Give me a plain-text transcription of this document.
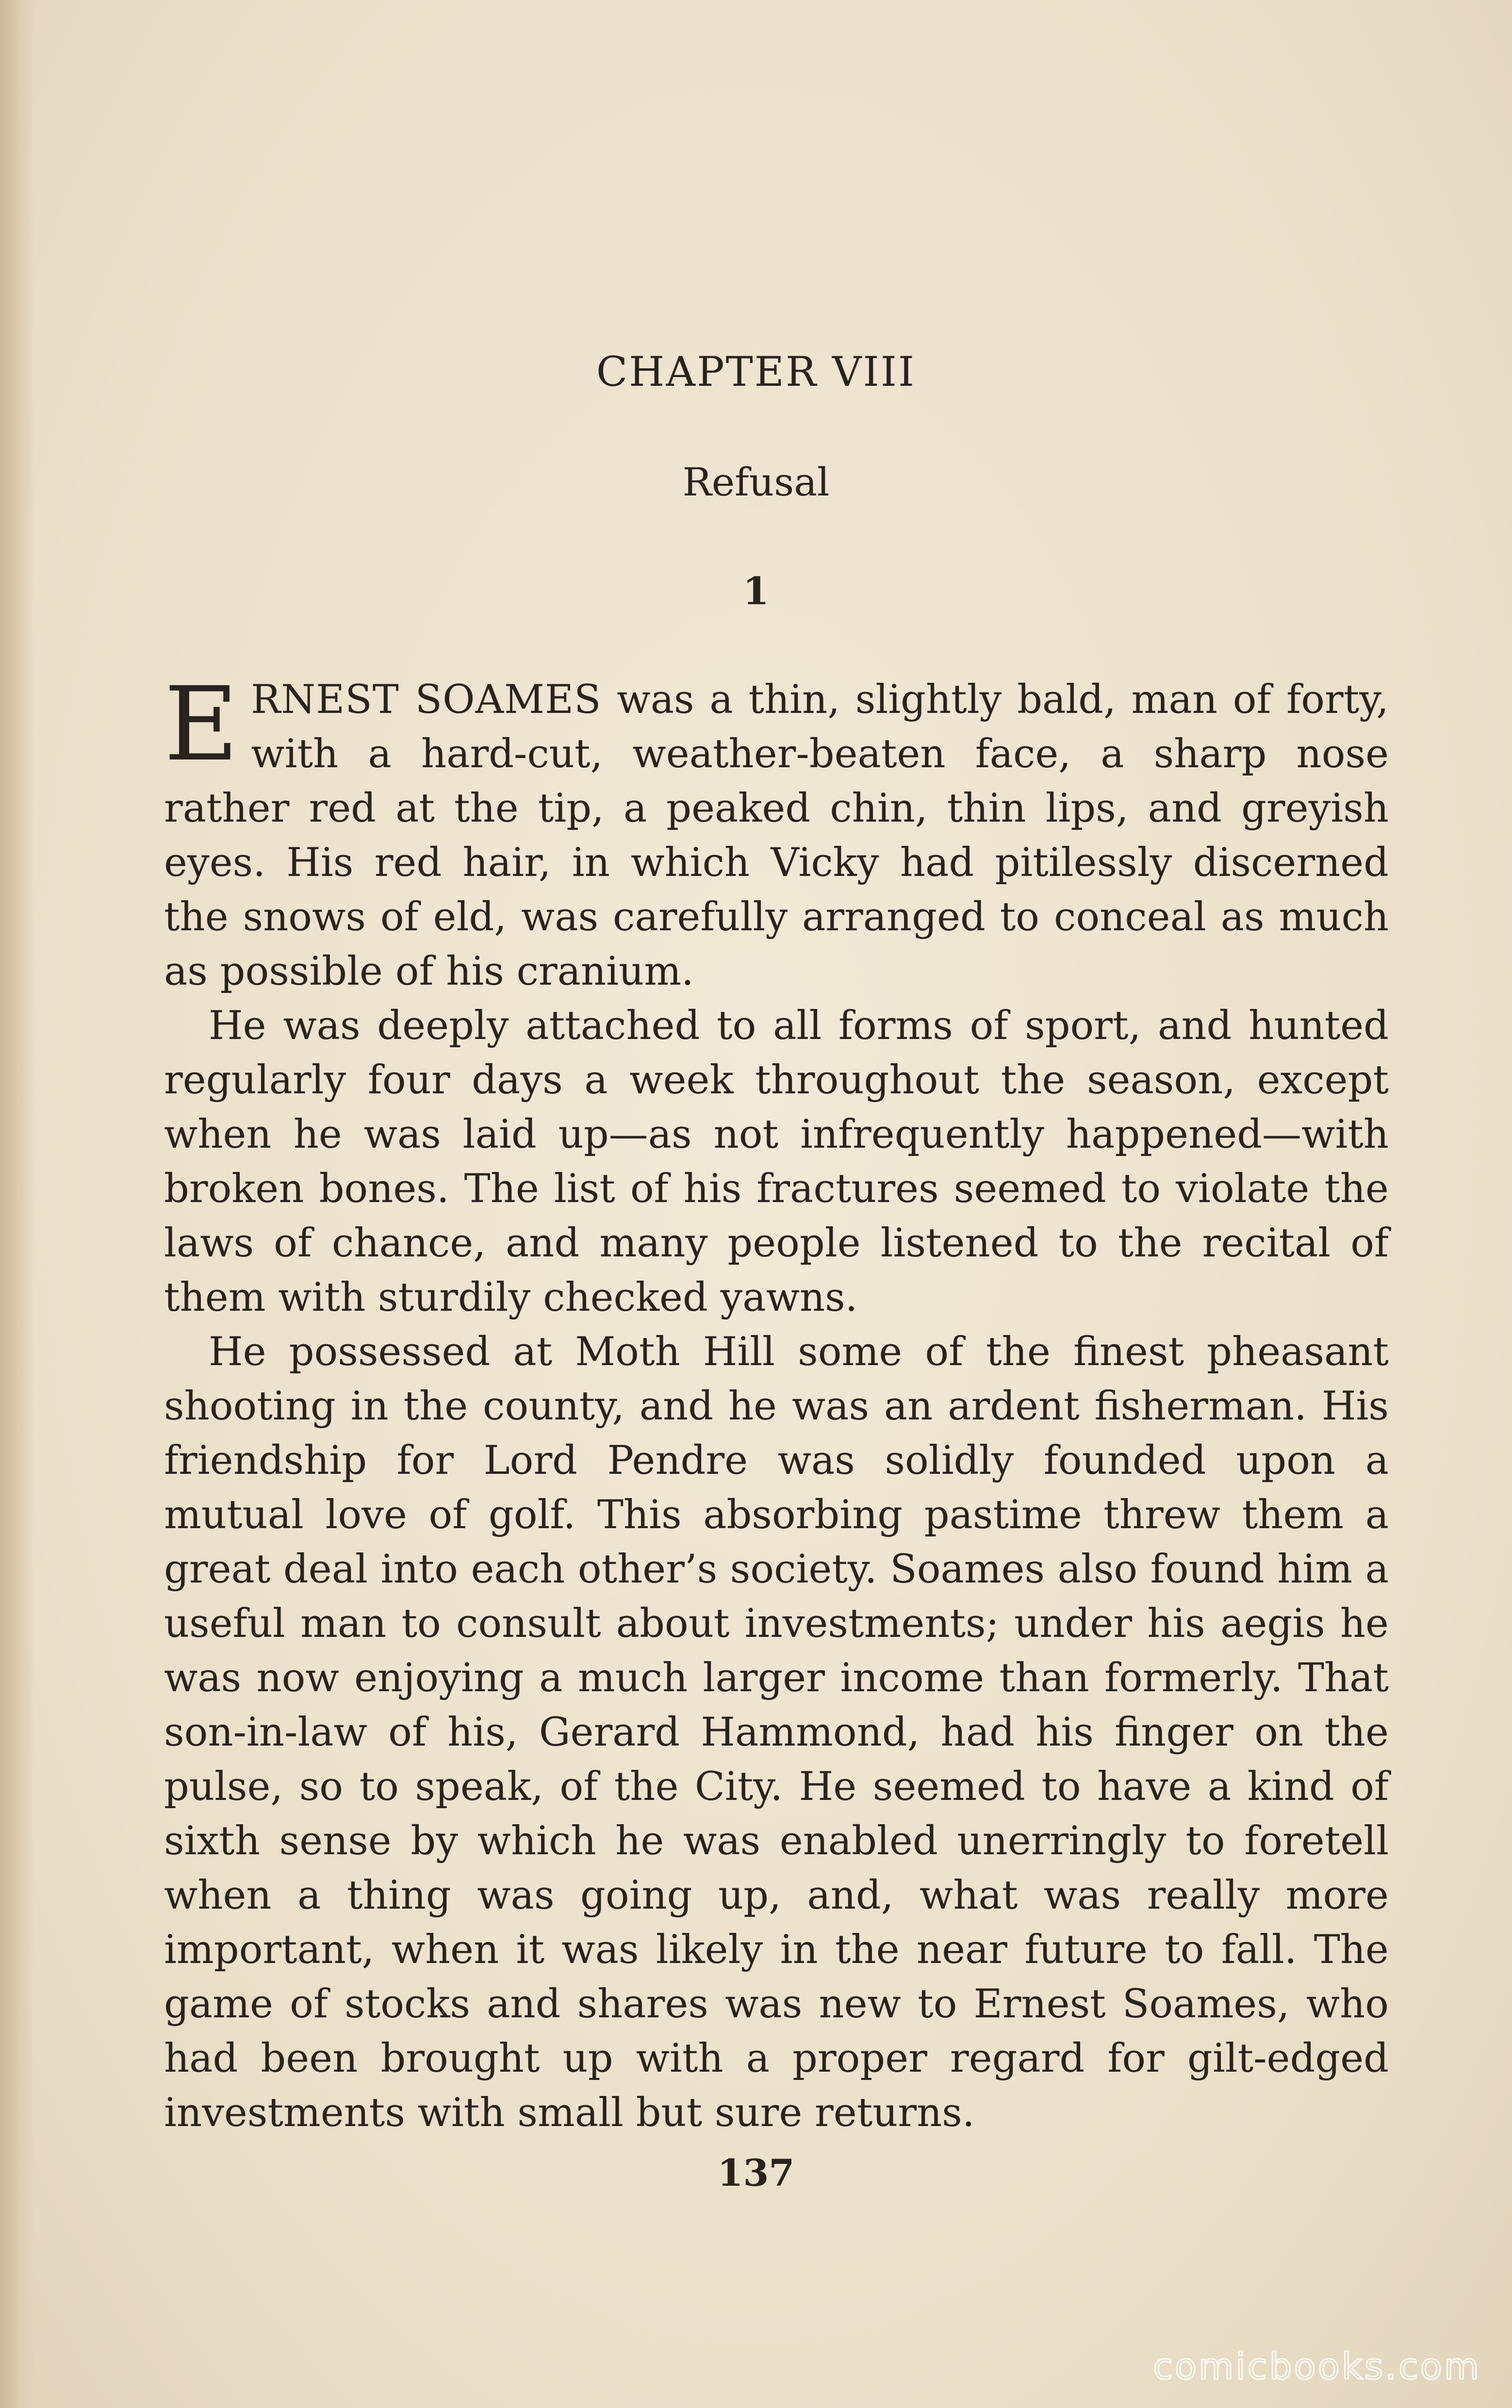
CHAPTER VIII
Refusal
1

ERNEST SOAMES was a thin, slightly bald, man of forty, with a hard-cut, weather-beaten face, a sharp nose rather red at the tip, a peaked chin, thin lips, and greyish eyes. His red hair, in which Vicky had pitilessly discerned the snows of eld, was carefully arranged to conceal as much as possible of his cranium.

He was deeply attached to all forms of sport, and hunted regularly four days a week throughout the season, except when he was laid up—as not infrequently happened—with broken bones. The list of his fractures seemed to violate the laws of chance, and many people listened to the recital of them with sturdily checked yawns.

He possessed at Moth Hill some of the finest pheasant shooting in the county, and he was an ardent fisherman. His friendship for Lord Pendre was solidly founded upon a mutual love of golf. This absorbing pastime threw them a great deal into each other’s society. Soames also found him a useful man to consult about investments; under his aegis he was now enjoying a much larger income than formerly. That son-in-law of his, Gerard Hammond, had his finger on the pulse, so to speak, of the City. He seemed to have a kind of sixth sense by which he was enabled unerringly to foretell when a thing was going up, and, what was really more important, when it was likely in the near future to fall. The game of stocks and shares was new to Ernest Soames, who had been brought up with a proper regard for gilt-edged investments with small but sure returns.

137
comicbooks.com
